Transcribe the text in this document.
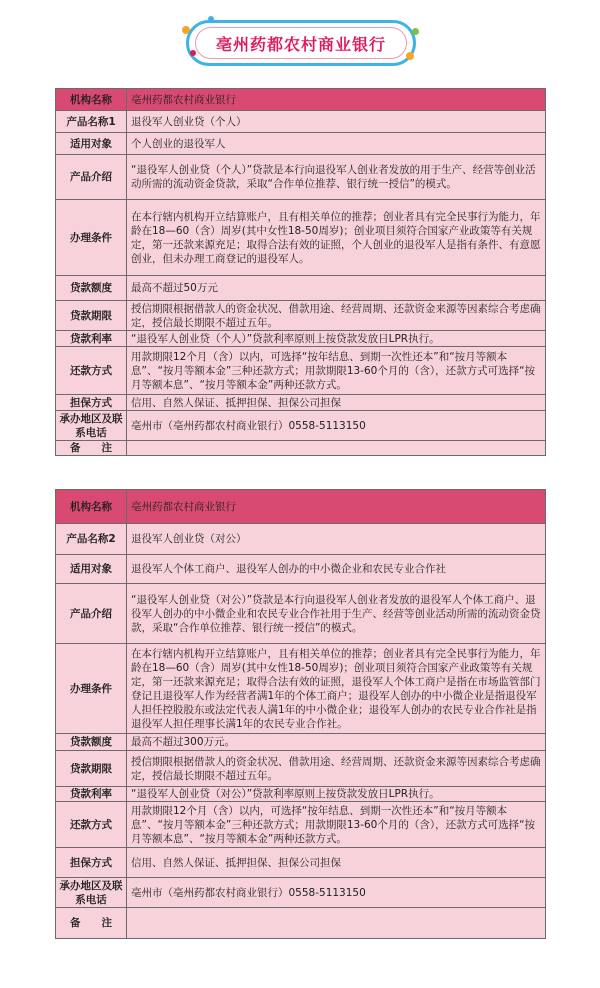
亳州药都农村商业银行
机构名称	亳州药都农村商业银行
产品名称1	退役军人创业贷（个人）
适用对象	个人创业的退役军人
产品介绍	“退役军人创业贷（个人）”贷款是本行向退役军人创业者发放的用于生产、经营等创业活动所需的流动资金贷款，采取“合作单位推荐、银行统一授信”的模式。
办理条件	在本行辖内机构开立结算账户，且有相关单位的推荐；创业者具有完全民事行为能力，年龄在18—60（含）周岁(其中女性18-50周岁)；创业项目须符合国家产业政策等有关规定，第一还款来源充足；取得合法有效的证照，个人创业的退役军人是指有条件、有意愿创业，但未办理工商登记的退役军人。
贷款额度	最高不超过50万元
贷款期限	授信期限根据借款人的资金状况、借款用途、经营周期、还款资金来源等因素综合考虑确定，授信最长期限不超过五年。
贷款利率	“退役军人创业贷（个人）”贷款利率原则上按贷款发放日LPR执行。
还款方式	用款期限12个月（含）以内，可选择“按年结息、到期一次性还本”和“按月等额本息”、“按月等额本金”三种还款方式；用款期限13-60个月的（含），还款方式可选择“按月等额本息”、“按月等额本金”两种还款方式。
担保方式	信用、自然人保证、抵押担保、担保公司担保
承办地区及联系电话	亳州市（亳州药都农村商业银行）0558-5113150
备　　注	
机构名称	亳州药都农村商业银行
产品名称2	退役军人创业贷（对公）
适用对象	退役军人个体工商户、退役军人创办的中小微企业和农民专业合作社
产品介绍	“退役军人创业贷（对公）”贷款是本行向退役军人创业者发放的退役军人个体工商户、退役军人创办的中小微企业和农民专业合作社用于生产、经营等创业活动所需的流动资金贷款，采取“合作单位推荐、银行统一授信”的模式。
办理条件	在本行辖内机构开立结算账户，且有相关单位的推荐；创业者具有完全民事行为能力，年龄在18—60（含）周岁(其中女性18-50周岁)；创业项目须符合国家产业政策等有关规定，第一还款来源充足；取得合法有效的证照，退役军人个体工商户是指在市场监管部门登记且退役军人作为经营者满1年的个体工商户；退役军人创办的中小微企业是指退役军人担任控股股东或法定代表人满1年的中小微企业；退役军人创办的农民专业合作社是指退役军人担任理事长满1年的农民专业合作社。
贷款额度	最高不超过300万元。
贷款期限	授信期限根据借款人的资金状况、借款用途、经营周期、还款资金来源等因素综合考虑确定，授信最长期限不超过五年。
贷款利率	“退役军人创业贷（对公）”贷款利率原则上按贷款发放日LPR执行。
还款方式	用款期限12个月（含）以内，可选择“按年结息、到期一次性还本”和“按月等额本息”、“按月等额本金”三种还款方式；用款期限13-60个月的（含），还款方式可选择“按月等额本息”、“按月等额本金”两种还款方式。
担保方式	信用、自然人保证、抵押担保、担保公司担保
承办地区及联系电话	亳州市（亳州药都农村商业银行）0558-5113150
备　　注	
